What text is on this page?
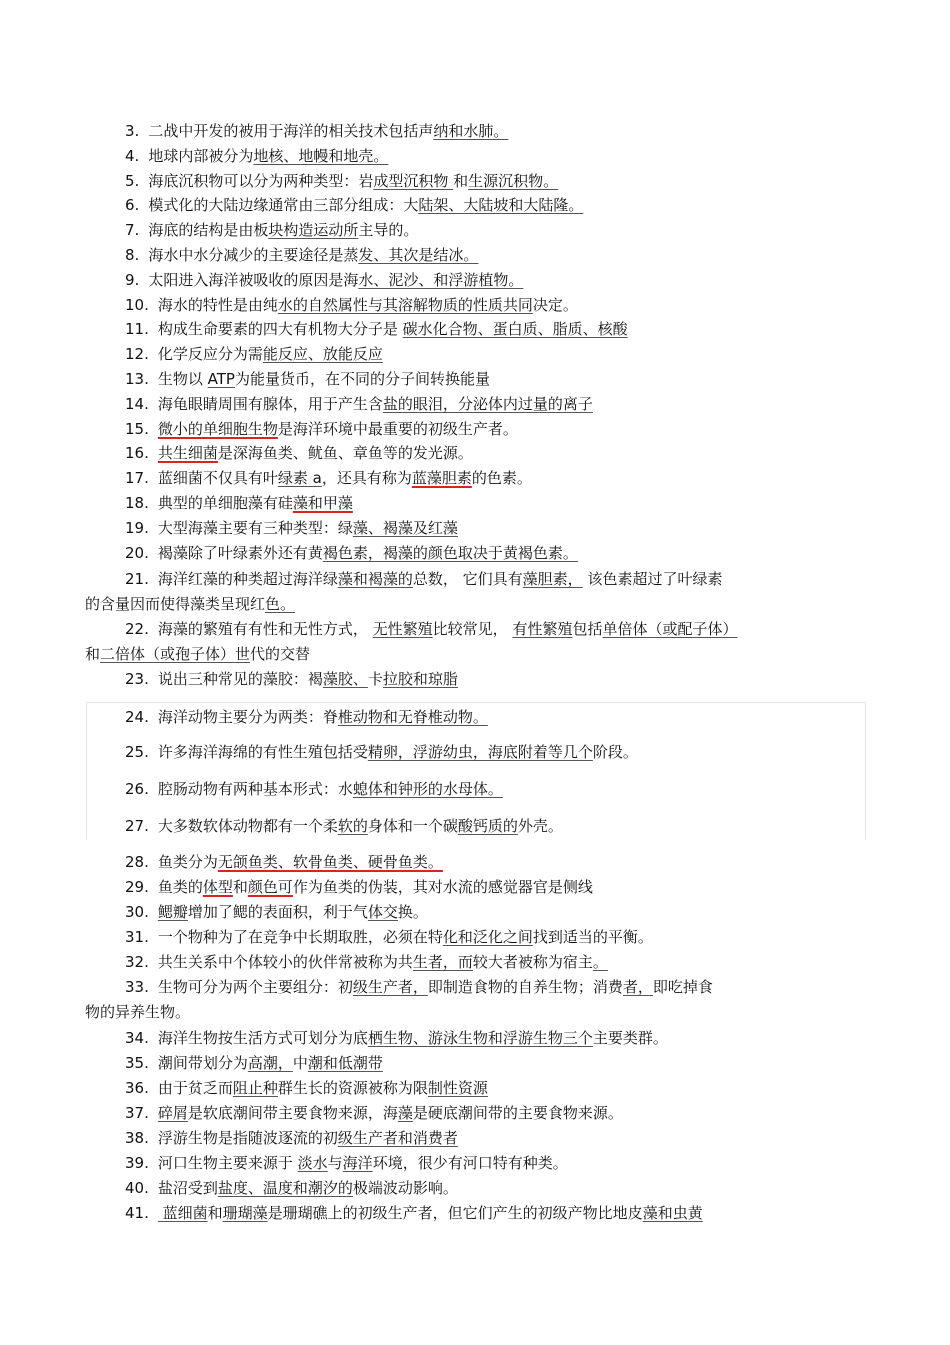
3. 二战中开发的被用于海洋的相关技术包括声纳和水肺。
4. 地球内部被分为地核、地幔和地壳。
5. 海底沉积物可以分为两种类型：岩成型沉积物 和生源沉积物。
6. 模式化的大陆边缘通常由三部分组成：大陆架、大陆坡和大陆隆。
7. 海底的结构是由板块构造运动所主导的。
8. 海水中水分减少的主要途径是蒸发、其次是结冰。
9. 太阳进入海洋被吸收的原因是海水、泥沙、和浮游植物。
10. 海水的特性是由纯水的自然属性与其溶解物质的性质共同决定。
11. 构成生命要素的四大有机物大分子是 碳水化合物、蛋白质、脂质、核酸
12. 化学反应分为需能反应、放能反应
13. 生物以 ATP为能量货币，在不同的分子间转换能量
14. 海龟眼睛周围有腺体，用于产生含盐的眼泪，分泌体内过量的离子
15. 微小的单细胞生物是海洋环境中最重要的初级生产者。
16. 共生细菌是深海鱼类、鱿鱼、章鱼等的发光源。
17. 蓝细菌不仅具有叶绿素 a，还具有称为蓝藻胆素的色素。
18. 典型的单细胞藻有硅藻和甲藻
19. 大型海藻主要有三种类型：绿藻、褐藻及红藻
20. 褐藻除了叶绿素外还有黄褐色素，褐藻的颜色取决于黄褐色素。
21. 海洋红藻的种类超过海洋绿藻和褐藻的总数， 它们具有藻胆素， 该色素超过了叶绿素
的含量因而使得藻类呈现红色。
22. 海藻的繁殖有有性和无性方式， 无性繁殖比较常见， 有性繁殖包括单倍体（或配子体）
和二倍体（或孢子体）世代的交替
23. 说出三种常见的藻胶：褐藻胶、卡拉胶和琼脂
24. 海洋动物主要分为两类：脊椎动物和无脊椎动物。
25. 许多海洋海绵的有性生殖包括受精卵，浮游幼虫，海底附着等几个阶段。
26. 腔肠动物有两种基本形式：水螅体和钟形的水母体。
27. 大多数软体动物都有一个柔软的身体和一个碳酸钙质的外壳。
28. 鱼类分为无颌鱼类、软骨鱼类、硬骨鱼类。
29. 鱼类的体型和颜色可作为鱼类的伪装，其对水流的感觉器官是侧线
30. 鳃瓣增加了鳃的表面积，利于气体交换。
31. 一个物种为了在竞争中长期取胜，必须在特化和泛化之间找到适当的平衡。
32. 共生关系中个体较小的伙伴常被称为共生者，而较大者被称为宿主。
33. 生物可分为两个主要组分：初级生产者，即制造食物的自养生物；消费者，即吃掉食
物的异养生物。
34. 海洋生物按生活方式可划分为底栖生物、游泳生物和浮游生物三个主要类群。
35. 潮间带划分为高潮，中潮和低潮带
36. 由于贫乏而阻止种群生长的资源被称为限制性资源
37. 碎屑是软底潮间带主要食物来源，海藻是硬底潮间带的主要食物来源。
38. 浮游生物是指随波逐流的初级生产者和消费者
39. 河口生物主要来源于 淡水与海洋环境，很少有河口特有种类。
40. 盐沼受到盐度、温度和潮汐的极端波动影响。
41. 蓝细菌和珊瑚藻是珊瑚礁上的初级生产者，但它们产生的初级产物比地皮藻和虫黄
